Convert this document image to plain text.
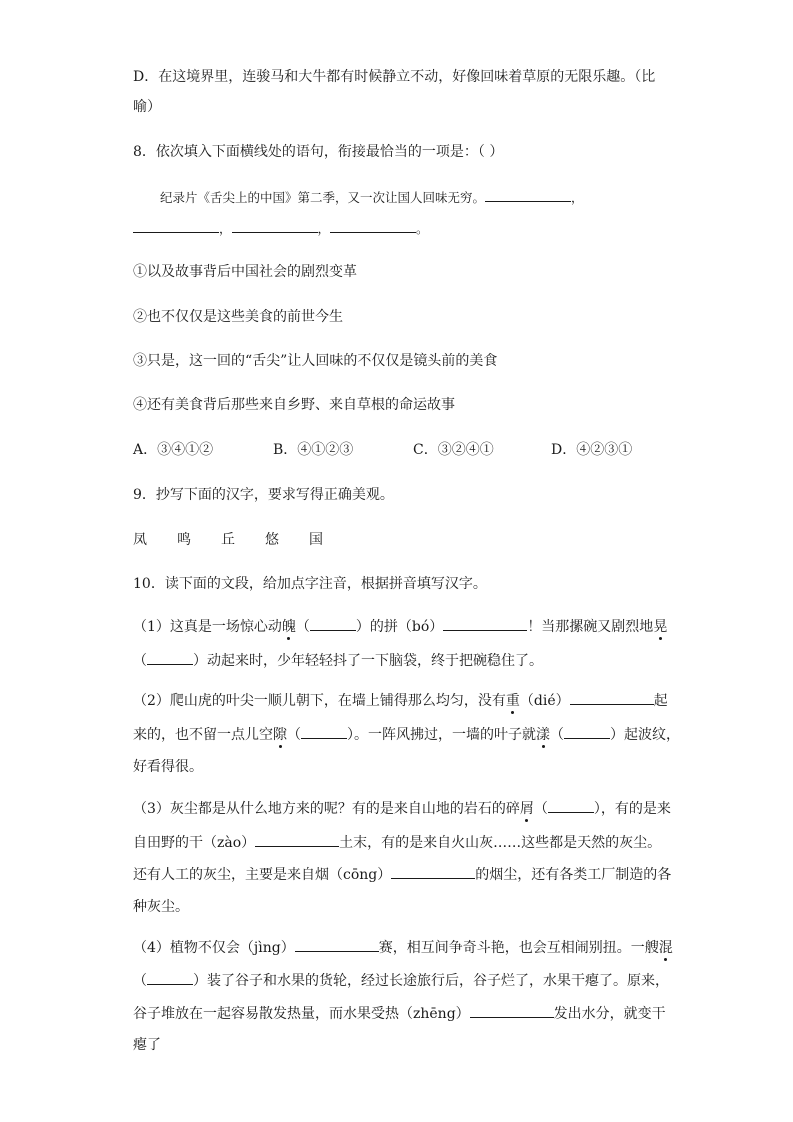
D．在这境界里，连骏马和大牛都有时候静立不动，好像回味着草原的无限乐趣。（比
喻）
8．依次填入下面横线处的语句，衔接最恰当的一项是：（ ）
纪录片《舌尖上的中国》第二季，又一次让国人回味无穷。	，
，	，	。
①以及故事背后中国社会的剧烈变革
②也不仅仅是这些美食的前世今生
③只是，这一回的“舌尖”让人回味的不仅仅是镜头前的美食
④还有美食背后那些来自乡野、来自草根的命运故事
A．③④①②	B．④①②③	C．③②④①	D．④②③①
9．抄写下面的汉字，要求写得正确美观。
凤 鸣 丘 悠 国
10．读下面的文段，给加点字注音，根据拼音填写汉字。
（1）这真是一场惊心动魄（	）的拼（bó）	！当那摞碗又剧烈地晃
（	）动起来时，少年轻轻抖了一下脑袋，终于把碗稳住了。
（2）爬山虎的叶尖一顺儿朝下，在墙上铺得那么均匀，没有重（dié）	起
来的，也不留一点儿空隙（	）。一阵风拂过，一墙的叶子就漾（	）起波纹，
好看得很。
（3）灰尘都是从什么地方来的呢？有的是来自山地的岩石的碎屑（	），有的是来
自田野的干（zào）	土末，有的是来自火山灰……这些都是天然的灰尘。
还有人工的灰尘，主要是来自烟（cōng）	的烟尘，还有各类工厂制造的各
种灰尘。
（4）植物不仅会（jìng）	赛，相互间争奇斗艳，也会互相闹别扭。一艘混
（	）装了谷子和水果的货轮，经过长途旅行后，谷子烂了，水果干瘪了。原来，
谷子堆放在一起容易散发热量，而水果受热（zhēng）	发出水分，就变干
瘪了
